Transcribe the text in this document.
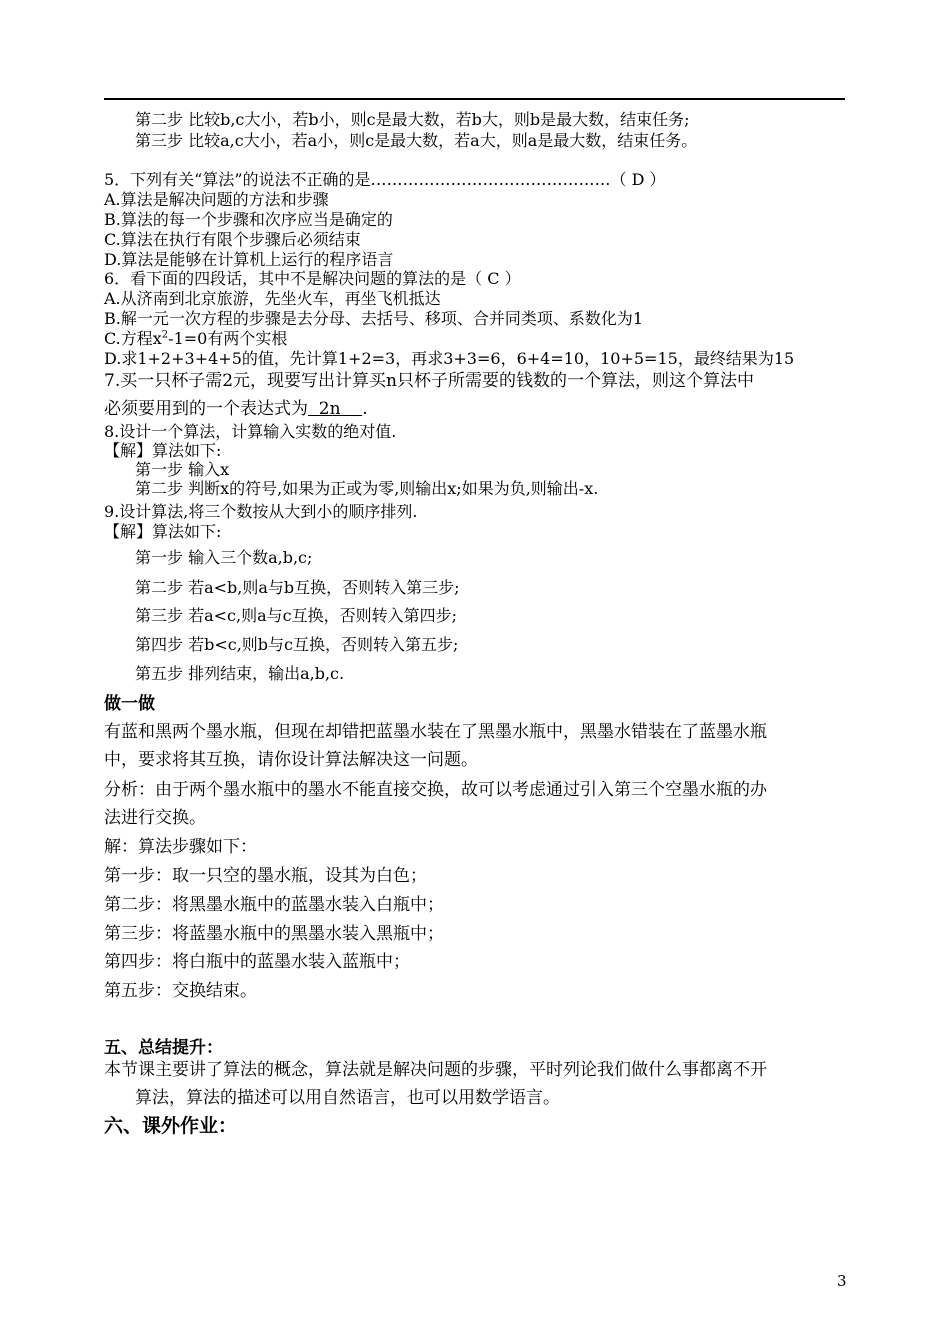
第二步 比较b,c大小，若b小，则c是最大数，若b大，则b是最大数，结束任务;
第三步 比较a,c大小，若a小，则c是最大数，若a大，则a是最大数，结束任务。
5．下列有关“算法”的说法不正确的是………………………………………（ D ）
A.算法是解决问题的方法和步骤
B.算法的每一个步骤和次序应当是确定的
C.算法在执行有限个步骤后必须结束
D.算法是能够在计算机上运行的程序语言
6．看下面的四段话，其中不是解决问题的算法的是（ C ）
A.从济南到北京旅游，先坐火车，再坐飞机抵达
B.解一元一次方程的步骤是去分母、去括号、移项、合并同类项、系数化为1
C.方程$x^2-1=0$有两个实根
D.求1+2+3+4+5的值，先计算1+2=3，再求3+3=6，6+4=10，10+5=15，最终结果为15
7.买一只杯子需2元，现要写出计算买n只杯子所需要的钱数的一个算法，则这个算法中
必须要用到的一个表达式为  2n    .
8.设计一个算法，计算输入实数的绝对值.
【解】算法如下:
第一步 输入x
第二步 判断x的符号,如果为正或为零,则输出x;如果为负,则输出-x.
9.设计算法,将三个数按从大到小的顺序排列.
【解】算法如下:
第一步 输入三个数a,b,c;
第二步 若a<b,则a与b互换，否则转入第三步;
第三步 若a<c,则a与c互换，否则转入第四步;
第四步 若b<c,则b与c互换，否则转入第五步;
第五步 排列结束，输出a,b,c.
做一做
有蓝和黑两个墨水瓶，但现在却错把蓝墨水装在了黑墨水瓶中，黑墨水错装在了蓝墨水瓶
中，要求将其互换，请你设计算法解决这一问题。
分析：由于两个墨水瓶中的墨水不能直接交换，故可以考虑通过引入第三个空墨水瓶的办
法进行交换。
解：算法步骤如下：
第一步：取一只空的墨水瓶，设其为白色；
第二步：将黑墨水瓶中的蓝墨水装入白瓶中；
第三步：将蓝墨水瓶中的黑墨水装入黑瓶中；
第四步：将白瓶中的蓝墨水装入蓝瓶中；
第五步：交换结束。
五、总结提升：
本节课主要讲了算法的概念，算法就是解决问题的步骤，平时列论我们做什么事都离不开
算法，算法的描述可以用自然语言，也可以用数学语言。
六、课外作业：
3
